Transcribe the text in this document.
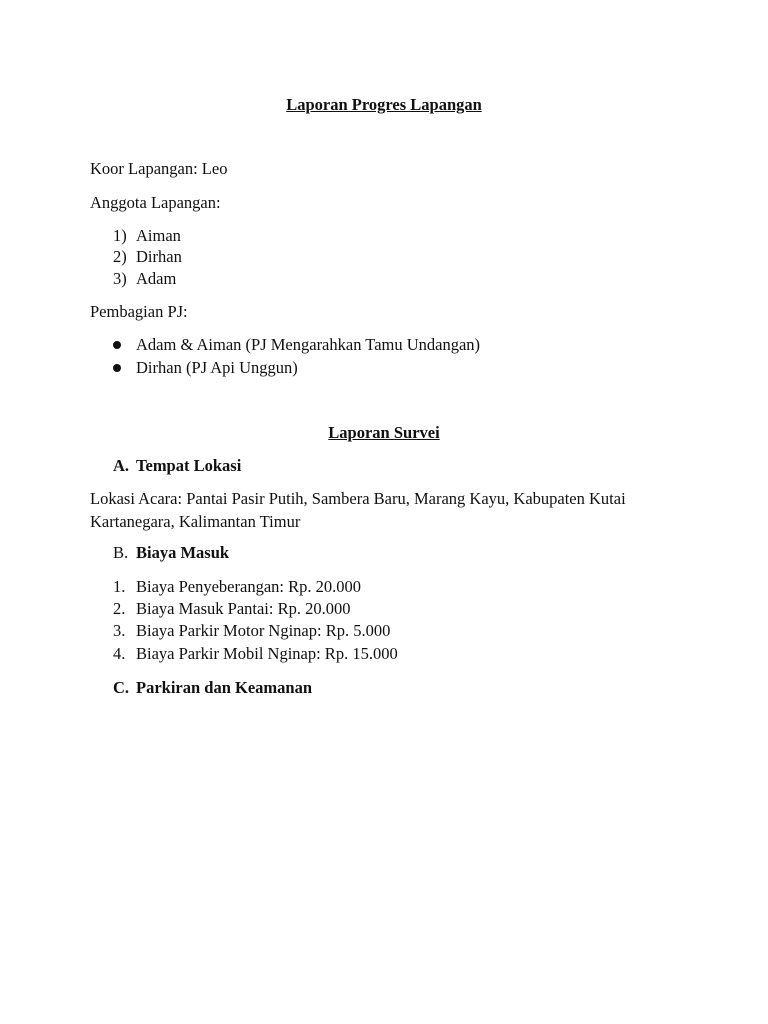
Laporan Progres Lapangan
Koor Lapangan: Leo
Anggota Lapangan:
1) Aiman
2) Dirhan
3) Adam
Pembagian PJ:
Adam & Aiman (PJ Mengarahkan Tamu Undangan)
Dirhan (PJ Api Unggun)
Laporan Survei
A. Tempat Lokasi
Lokasi Acara: Pantai Pasir Putih, Sambera Baru, Marang Kayu, Kabupaten Kutai Kartanegara, Kalimantan Timur
B. Biaya Masuk
1. Biaya Penyeberangan: Rp. 20.000
2. Biaya Masuk Pantai: Rp. 20.000
3. Biaya Parkir Motor Nginap: Rp. 5.000
4. Biaya Parkir Mobil Nginap: Rp. 15.000
C. Parkiran dan Keamanan
